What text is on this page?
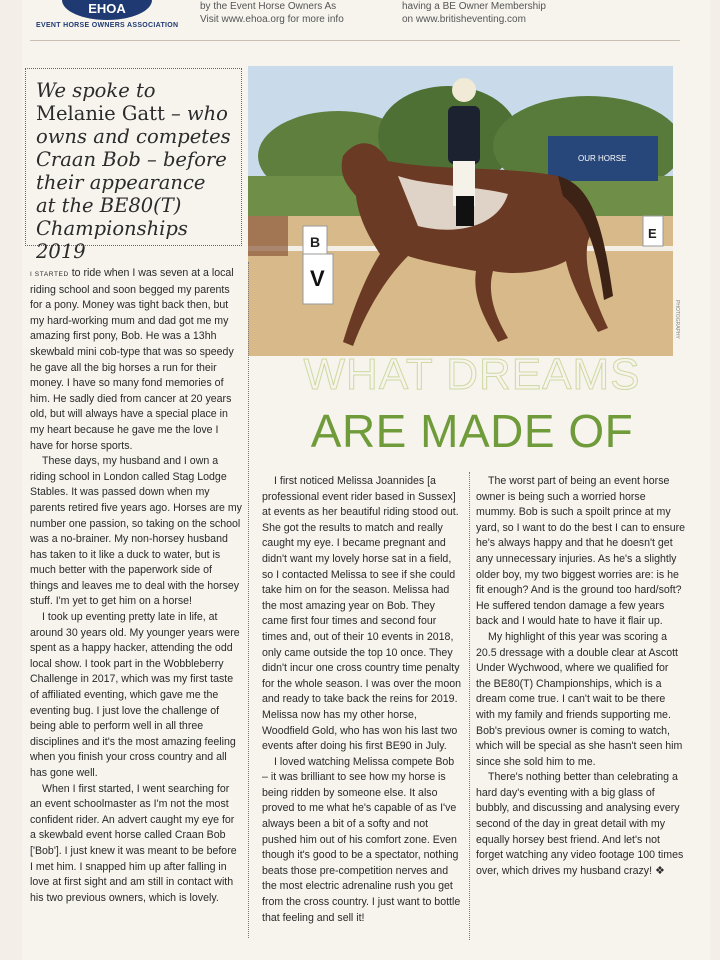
EHOA
EVENT HORSE OWNERS ASSOCIATION
by the Event Horse Owners As
Visit www.ehoa.org for more info
having a BE Owner Membership
on www.britisheventing.com
We spoke to Melanie Gatt – who owns and competes Craan Bob – before their appearance at the BE80(T) Championships 2019
OUR HORSE
B
V
E
PHOTOGRAPHY
WHAT DREAMS
ARE MADE OF

I STARTED to ride when I was seven at a local riding school and soon begged my parents for a pony. Money was tight back then, but my hard-working mum and dad got me my amazing first pony, Bob. He was a 13hh skewbald mini cob-type that was so speedy he gave all the big horses a run for their money. I have so many fond memories of him. He sadly died from cancer at 20 years old, but will always have a special place in my heart because he gave me the love I have for horse sports.

These days, my husband and I own a riding school in London called Stag Lodge Stables. It was passed down when my parents retired five years ago. Horses are my number one passion, so taking on the school was a no-brainer. My non-horsey husband has taken to it like a duck to water, but is much better with the paperwork side of things and leaves me to deal with the horsey stuff. I'm yet to get him on a horse!

I took up eventing pretty late in life, at around 30 years old. My younger years were spent as a happy hacker, attending the odd local show. I took part in the Wobbleberry Challenge in 2017, which was my first taste of affiliated eventing, which gave me the eventing bug. I just love the challenge of being able to perform well in all three disciplines and it's the most amazing feeling when you finish your cross country and all has gone well.

When I first started, I went searching for an event schoolmaster as I'm not the most confident rider. An advert caught my eye for a skewbald event horse called Craan Bob ['Bob']. I just knew it was meant to be before I met him. I snapped him up after falling in love at first sight and am still in contact with his two previous owners, which is lovely.

I first noticed Melissa Joannides [a professional event rider based in Sussex] at events as her beautiful riding stood out. She got the results to match and really caught my eye. I became pregnant and didn't want my lovely horse sat in a field, so I contacted Melissa to see if she could take him on for the season. Melissa had the most amazing year on Bob. They came first four times and second four times and, out of their 10 events in 2018, only came outside the top 10 once. They didn't incur one cross country time penalty for the whole season. I was over the moon and ready to take back the reins for 2019. Melissa now has my other horse, Woodfield Gold, who has won his last two events after doing his first BE90 in July.

I loved watching Melissa compete Bob – it was brilliant to see how my horse is being ridden by someone else. It also proved to me what he's capable of as I've always been a bit of a softy and not pushed him out of his comfort zone. Even though it's good to be a spectator, nothing beats those pre-competition nerves and the most electric adrenaline rush you get from the cross country. I just want to bottle that feeling and sell it!

The worst part of being an event horse owner is being such a worried horse mummy. Bob is such a spoilt prince at my yard, so I want to do the best I can to ensure he's always happy and that he doesn't get any unnecessary injuries. As he's a slightly older boy, my two biggest worries are: is he fit enough? And is the ground too hard/soft? He suffered tendon damage a few years back and I would hate to have it flair up.

My highlight of this year was scoring a 20.5 dressage with a double clear at Ascott Under Wychwood, where we qualified for the BE80(T) Championships, which is a dream come true. I can't wait to be there with my family and friends supporting me. Bob's previous owner is coming to watch, which will be special as she hasn't seen him since she sold him to me.

There's nothing better than celebrating a hard day's eventing with a big glass of bubbly, and discussing and analysing every second of the day in great detail with my equally horsey best friend. And let's not forget watching any video footage 100 times over, which drives my husband crazy! ❖
